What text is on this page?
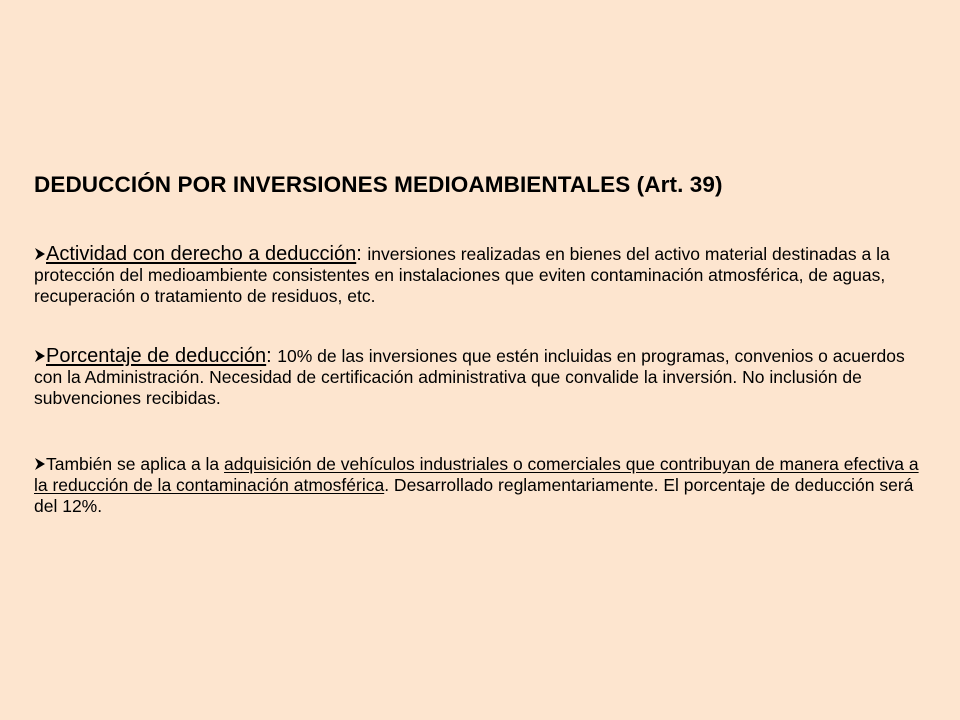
DEDUCCIÓN POR INVERSIONES MEDIOAMBIENTALES (Art. 39)
Actividad con derecho a deducción: inversiones realizadas en bienes del activo material destinadas a la protección del medioambiente consistentes en instalaciones que eviten contaminación atmosférica, de aguas, recuperación o tratamiento de residuos, etc.
Porcentaje de deducción: 10% de las inversiones que estén incluidas en programas, convenios o acuerdos con la Administración. Necesidad de certificación administrativa que convalide la inversión. No inclusión de subvenciones recibidas.
También se aplica a la adquisición de vehículos industriales o comerciales que contribuyan de manera efectiva a la reducción de la contaminación atmosférica. Desarrollado reglamentariamente. El porcentaje de deducción será del 12%.
